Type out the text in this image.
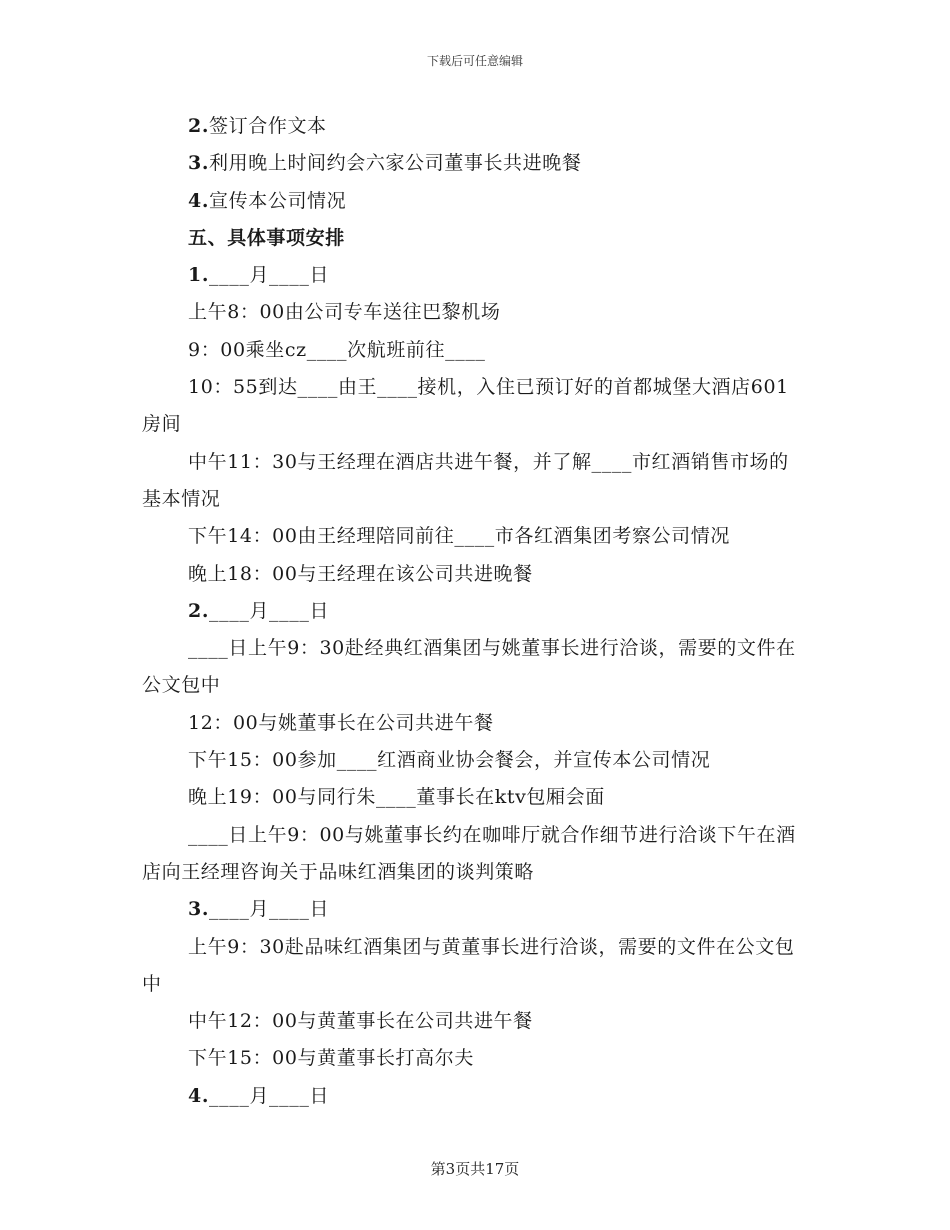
下载后可任意编辑
2.签订合作文本
3.利用晚上时间约会六家公司董事长共进晚餐
4.宣传本公司情况
五、具体事项安排
1.____月____日
上午8：00由公司专车送往巴黎机场
9：00乘坐cz____次航班前往____
10：55到达____由王____接机，入住已预订好的首都城堡大酒店601房间
中午11：30与王经理在酒店共进午餐，并了解____市红酒销售市场的基本情况
下午14：00由王经理陪同前往____市各红酒集团考察公司情况
晚上18：00与王经理在该公司共进晚餐
2.____月____日
____日上午9：30赴经典红酒集团与姚董事长进行洽谈，需要的文件在公文包中
12：00与姚董事长在公司共进午餐
下午15：00参加____红酒商业协会餐会，并宣传本公司情况
晚上19：00与同行朱____董事长在ktv包厢会面
____日上午9：00与姚董事长约在咖啡厅就合作细节进行洽谈下午在酒店向王经理咨询关于品味红酒集团的谈判策略
3.____月____日
上午9：30赴品味红酒集团与黄董事长进行洽谈，需要的文件在公文包中
中午12：00与黄董事长在公司共进午餐
下午15：00与黄董事长打高尔夫
4.____月____日
第3页共17页
